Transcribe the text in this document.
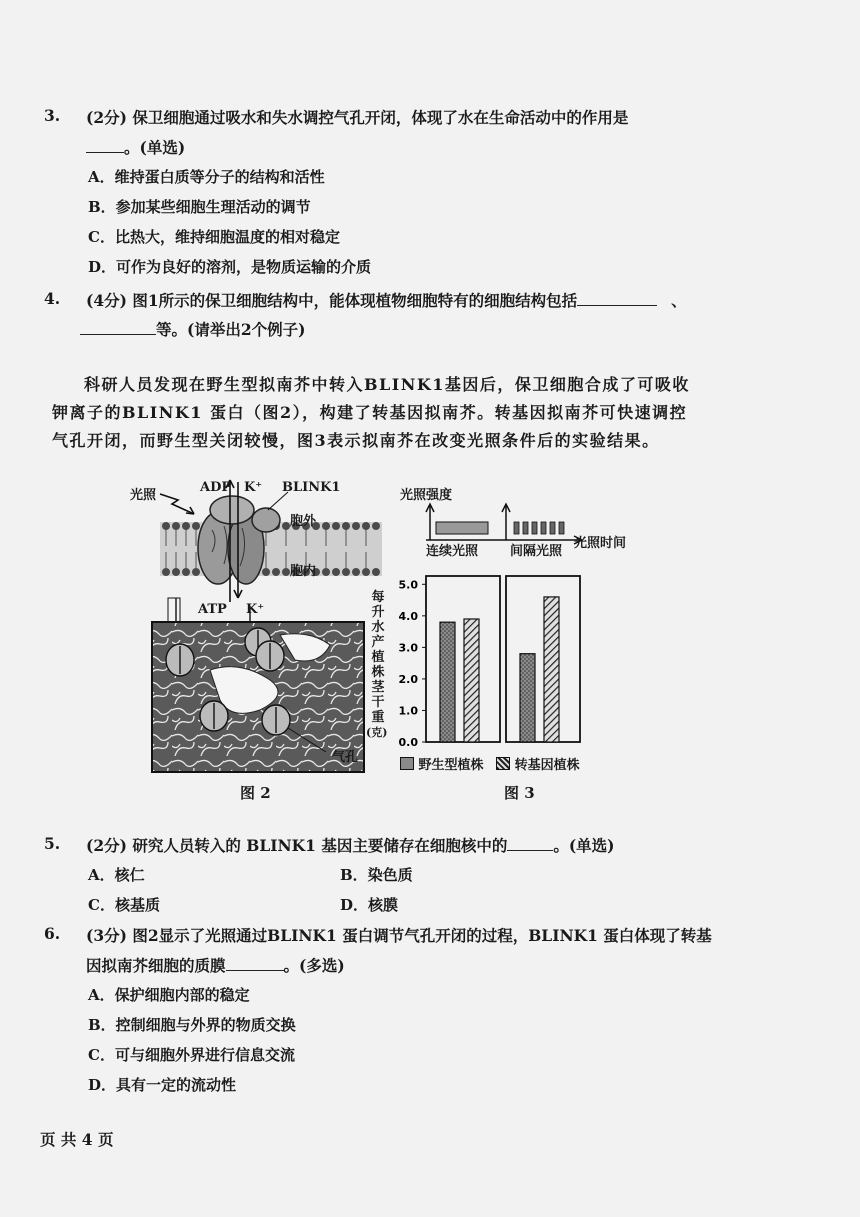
3. (2分) 保卫细胞通过吸水和失水调控气孔开闭，体现了水在生命活动中的作用是
。(单选)
A．维持蛋白质等分子的结构和活性
B．参加某些细胞生理活动的调节
C．比热大，维持细胞温度的相对稳定
D．可作为良好的溶剂，是物质运输的介质
4. (4分) 图1所示的保卫细胞结构中，能体现植物细胞特有的细胞结构包括	、
等。(请举出2个例子)
科研人员发现在野生型拟南芥中转入BLINK1基因后，保卫细胞合成了可吸收
钾离子的BLINK1 蛋白（图2），构建了转基因拟南芥。转基因拟南芥可快速调控
气孔开闭，而野生型关闭较慢，图3表示拟南芥在改变光照条件后的实验结果。
光照
ADP K⁺ BLINK1
胞外
胞内
ATP K⁺
气孔
图 2
光照强度
连续光照 间隔光照
光照时间
每
升
水
产
植
株
茎
干
重
(克)
0.0
1.0
2.0
3.0
4.0
5.0
野生型植株 转基因植株
图 3
5. (2分) 研究人员转入的 BLINK1 基因主要储存在细胞核中的	。(单选)
A．核仁	B．染色质
C．核基质	D．核膜
6. (3分) 图2显示了光照通过BLINK1 蛋白调节气孔开闭的过程，BLINK1 蛋白体现了转基
因拟南芥细胞的质膜	。(多选)
A．保护细胞内部的稳定
B．控制细胞与外界的物质交换
C．可与细胞外界进行信息交流
D．具有一定的流动性
页 共 4 页
